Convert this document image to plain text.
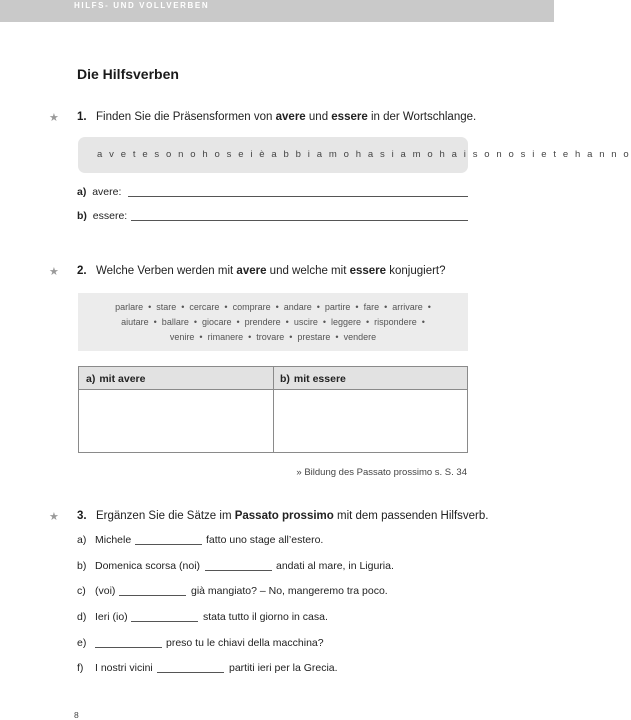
HILFS- UND VOLLVERBEN
Die Hilfsverben
★ 1. Finden Sie die Präsensformen von avere und essere in der Wortschlange.
a v e t e s o n o h o s e i è a b b i a m o h a s i a m o h a i s o n o s i e t e h a n n o
a) avere:
b) essere:
★ 2. Welche Verben werden mit avere und welche mit essere konjugiert?
parlare  •  stare  •  cercare  •  comprare  •  andare  •  partire  •  fare  •  arrivare  •
aiutare  •  ballare  •  giocare  •  prendere  •  uscire  •  leggere  •  rispondere  •
venire  •  rimanere  •  trovare  •  prestare  •  vendere
a) mit avere	b) mit essere
» Bildung des Passato prossimo s. S. 34
★ 3. Ergänzen Sie die Sätze im Passato prossimo mit dem passenden Hilfsverb.
a) Michele	fatto uno stage all’estero.
b) Domenica scorsa (noi)	andati al mare, in Liguria.
c) (voi)	già mangiato? – No, mangeremo tra poco.
d) Ieri (io)	stata tutto il giorno in casa.
e)	preso tu le chiavi della macchina?
f) I nostri vicini	partiti ieri per la Grecia.
8
